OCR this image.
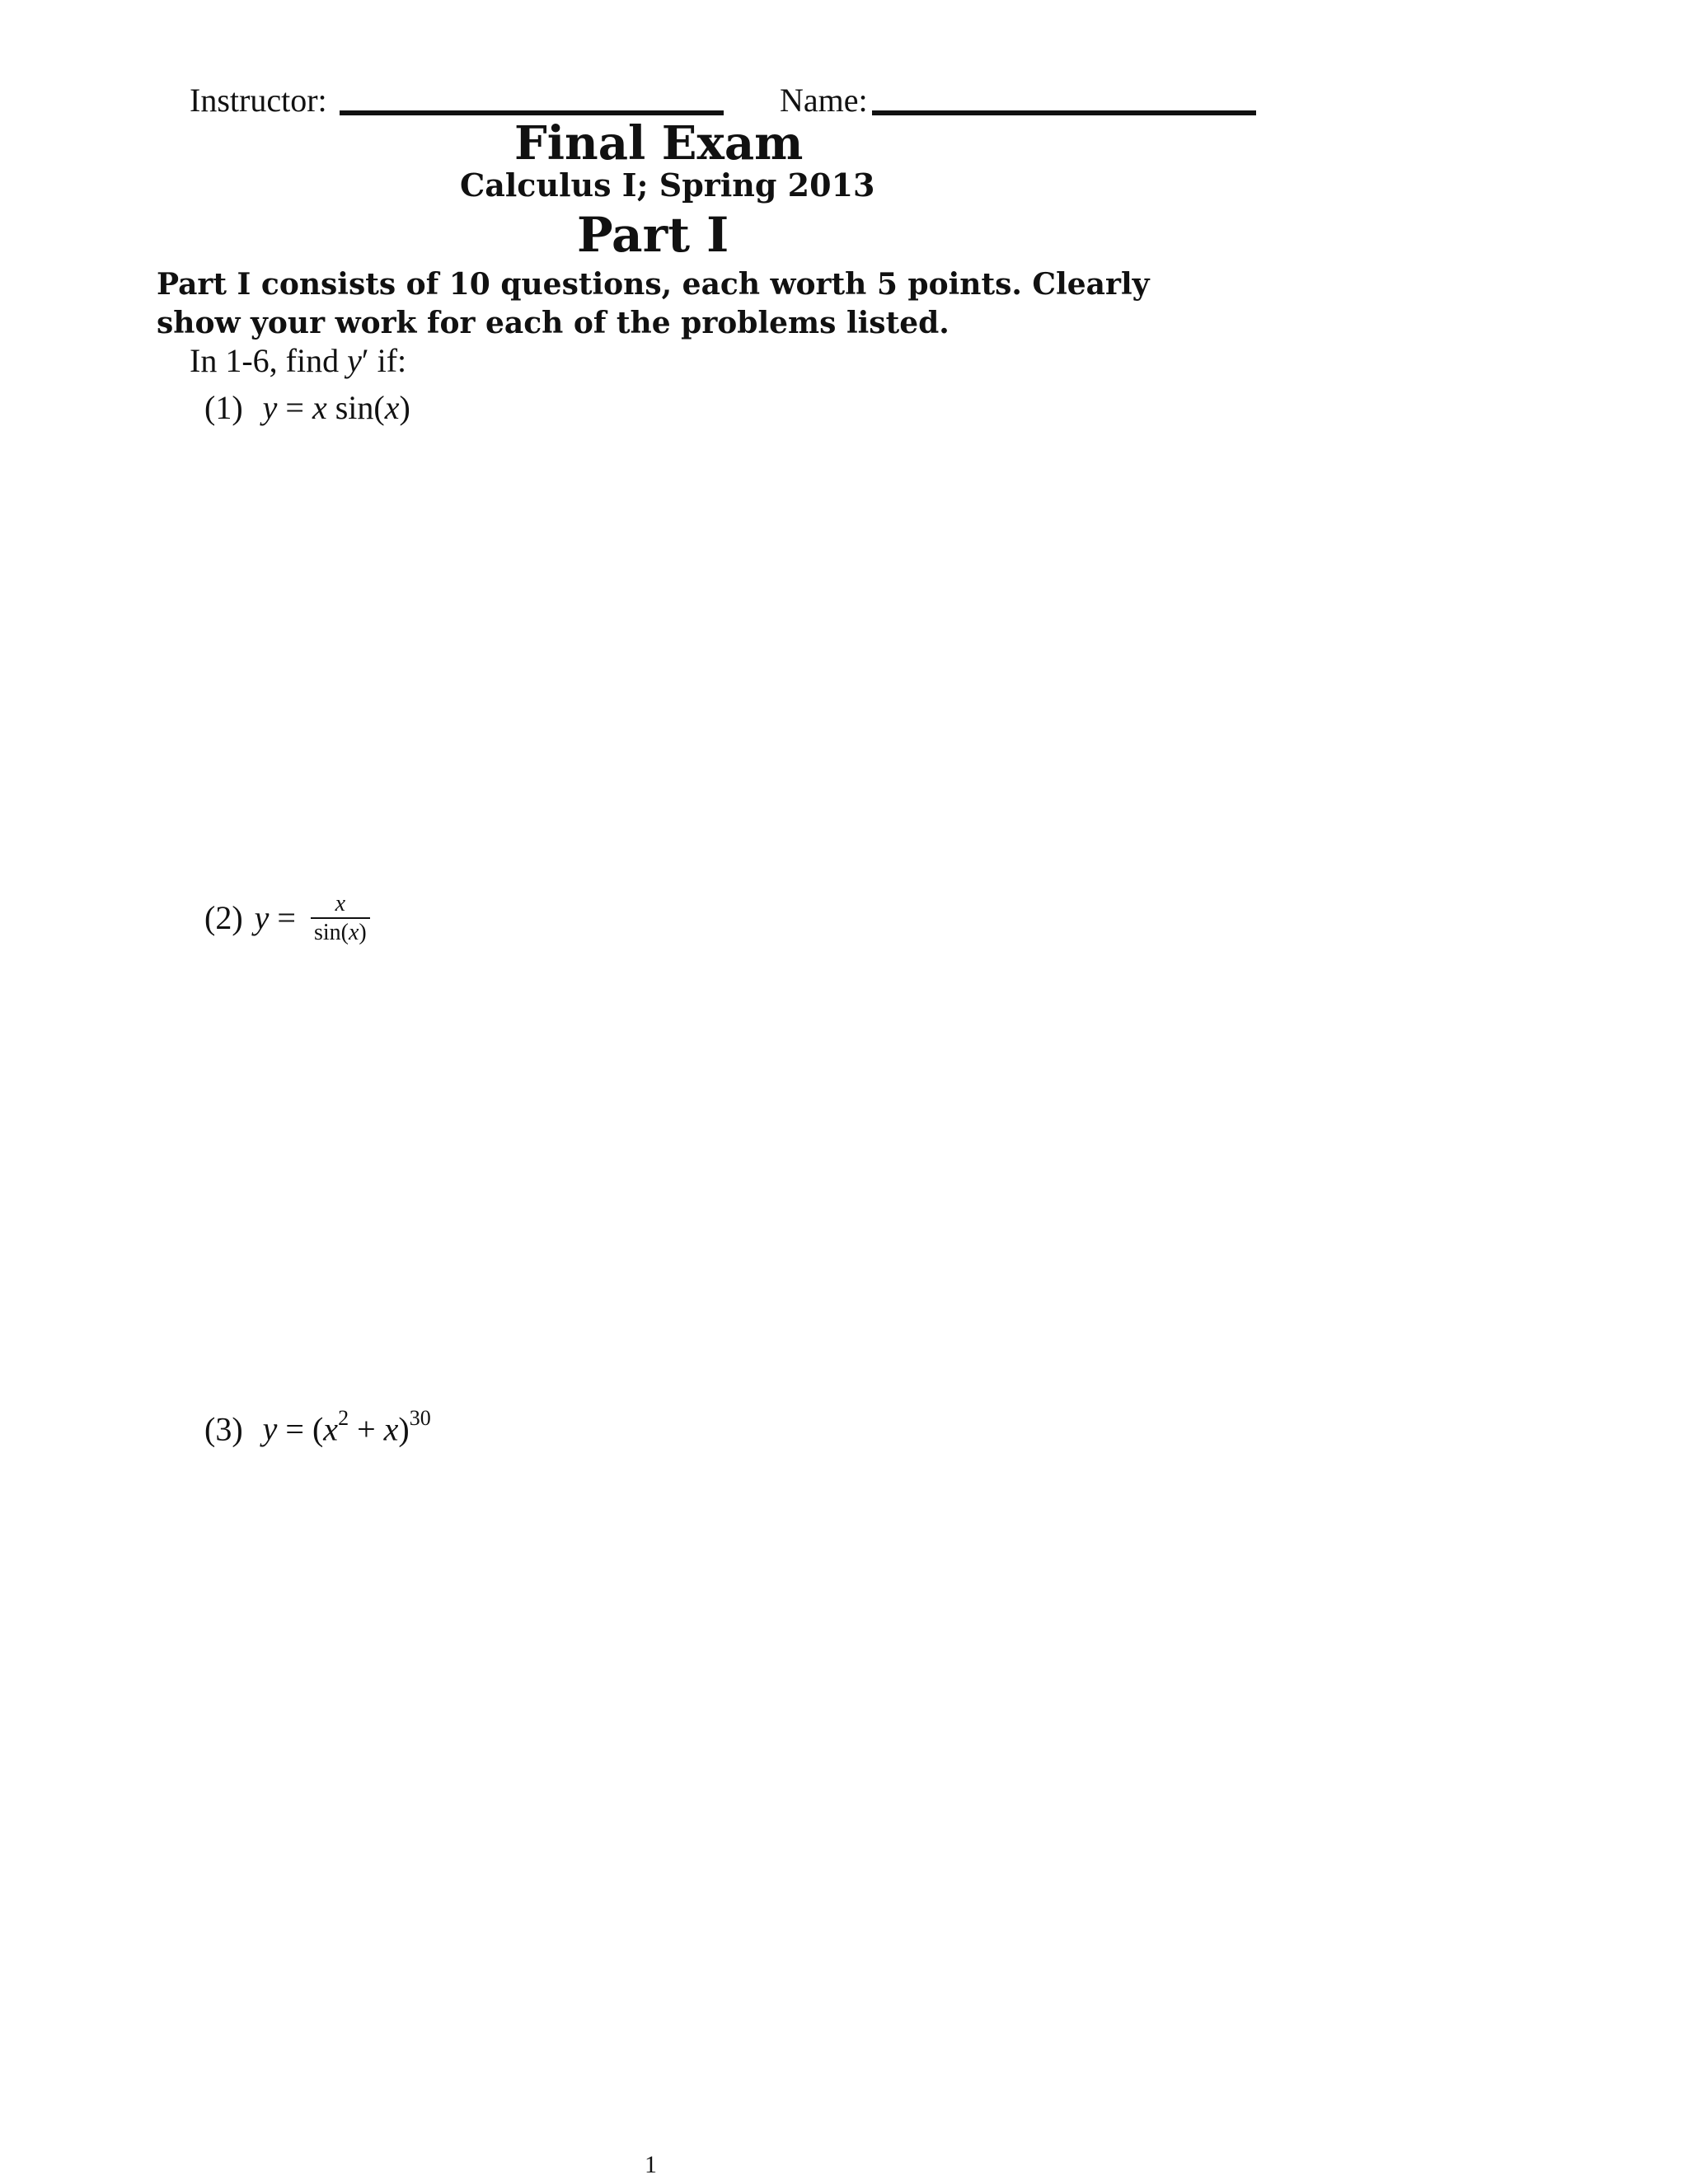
Instructor:	Name:
Final Exam
Calculus I; Spring 2013
Part I
Part I consists of 10 questions, each worth 5 points. Clearly show your work for each of the problems listed.
In 1-6, find y′ if:
(1) y = x sin(x)
(2) $y = \frac{x}{\sin(x)}$
(3) $y = (x^2 + x)^{30}$
1
